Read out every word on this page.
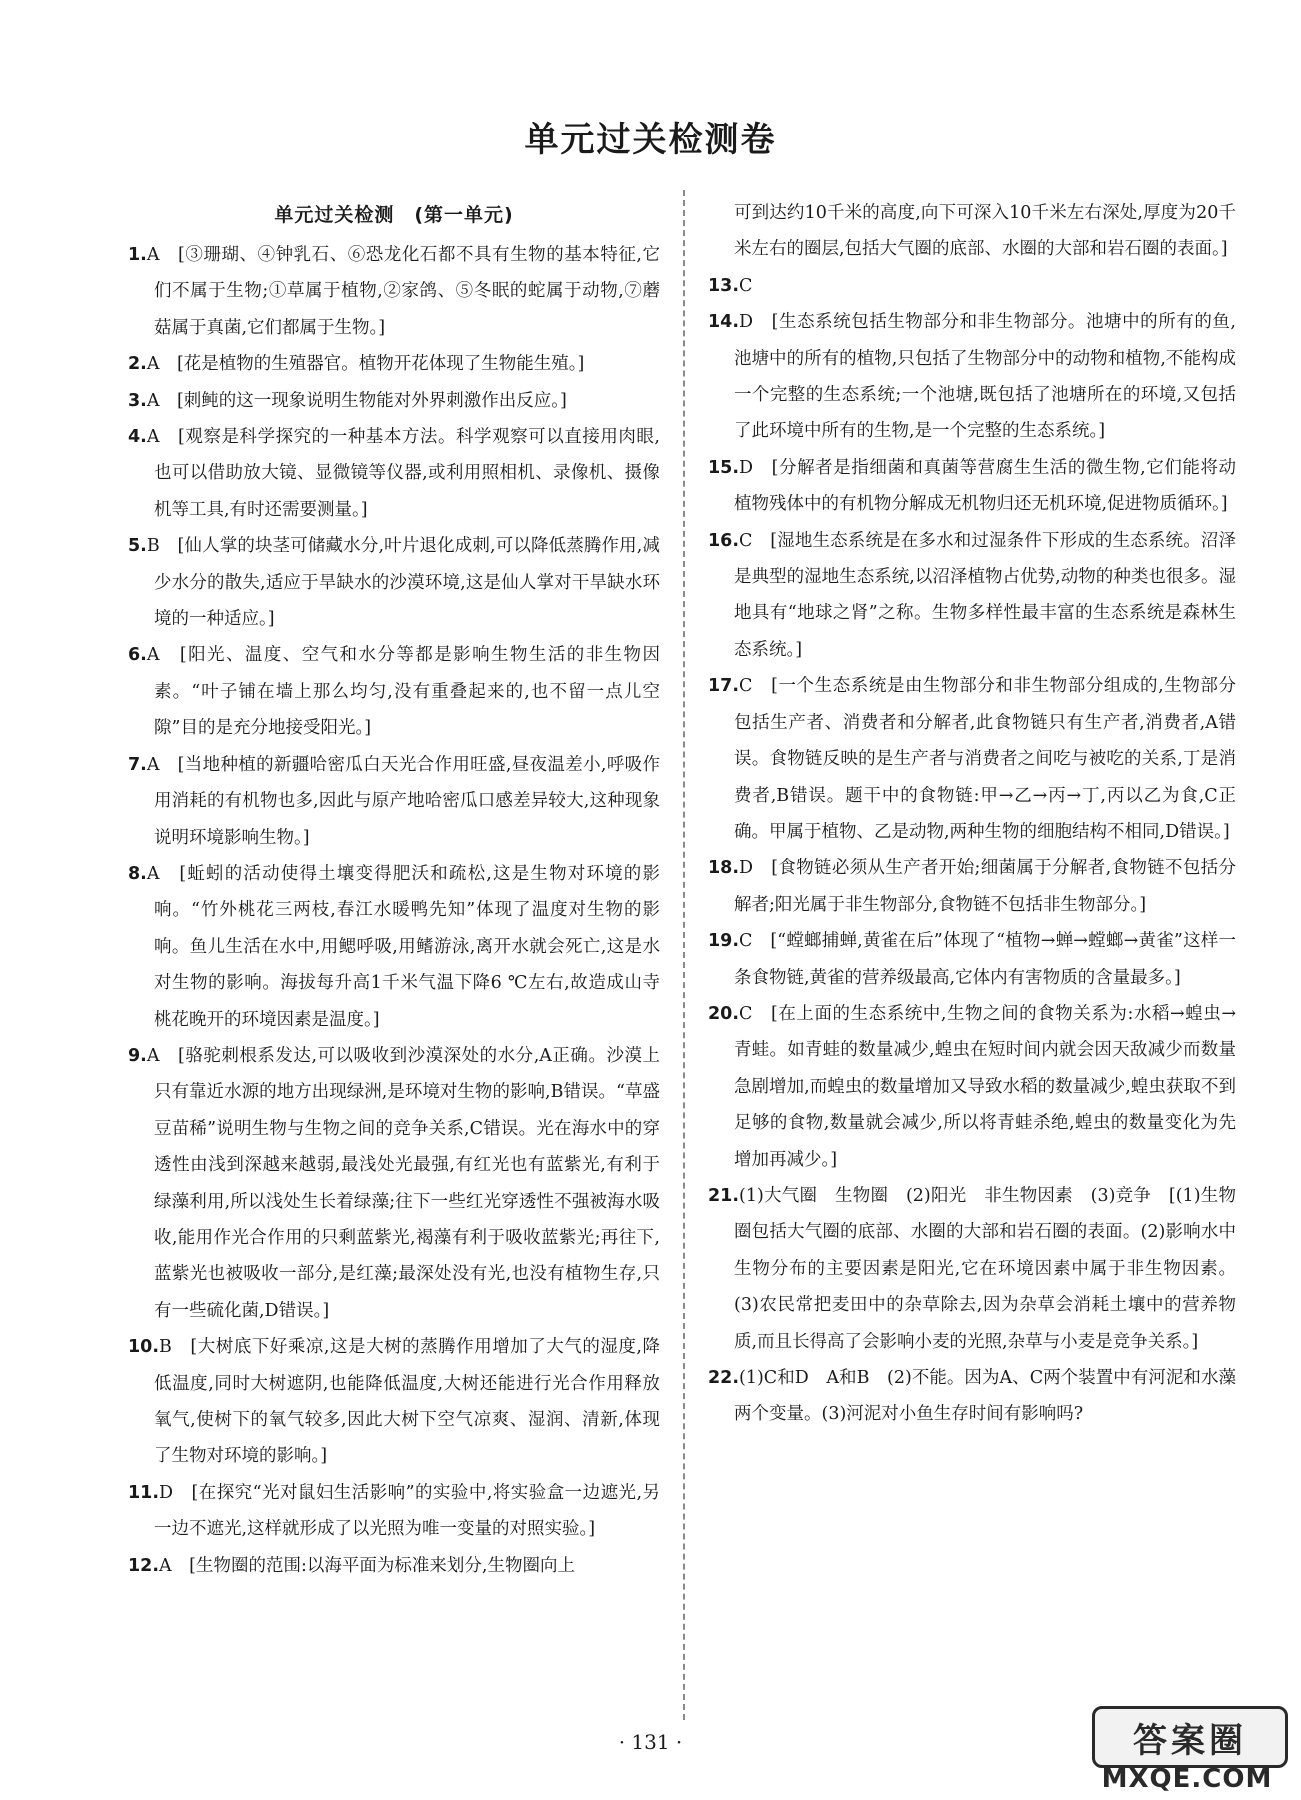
单元过关检测卷
单元过关检测　(第一单元)

1.A　[③珊瑚、④钟乳石、⑥恐龙化石都不具有生物的基本特征,它们不属于生物;①草属于植物,②家鸽、⑤冬眠的蛇属于动物,⑦蘑菇属于真菌,它们都属于生物。]

2.A　[花是植物的生殖器官。植物开花体现了生物能生殖。]

3.A　[刺鲀的这一现象说明生物能对外界刺激作出反应。]

4.A　[观察是科学探究的一种基本方法。科学观察可以直接用肉眼,也可以借助放大镜、显微镜等仪器,或利用照相机、录像机、摄像机等工具,有时还需要测量。]

5.B　[仙人掌的块茎可储藏水分,叶片退化成刺,可以降低蒸腾作用,减少水分的散失,适应于旱缺水的沙漠环境,这是仙人掌对干旱缺水环境的一种适应。]

6.A　[阳光、温度、空气和水分等都是影响生物生活的非生物因素。“叶子铺在墙上那么均匀,没有重叠起来的,也不留一点儿空隙”目的是充分地接受阳光。]

7.A　[当地种植的新疆哈密瓜白天光合作用旺盛,昼夜温差小,呼吸作用消耗的有机物也多,因此与原产地哈密瓜口感差异较大,这种现象说明环境影响生物。]

8.A　[蚯蚓的活动使得土壤变得肥沃和疏松,这是生物对环境的影响。“竹外桃花三两枝,春江水暖鸭先知”体现了温度对生物的影响。鱼儿生活在水中,用鳃呼吸,用鳍游泳,离开水就会死亡,这是水对生物的影响。海拔每升高1千米气温下降6 ℃左右,故造成山寺桃花晚开的环境因素是温度。]

9.A　[骆驼刺根系发达,可以吸收到沙漠深处的水分,A正确。沙漠上只有靠近水源的地方出现绿洲,是环境对生物的影响,B错误。“草盛豆苗稀”说明生物与生物之间的竞争关系,C错误。光在海水中的穿透性由浅到深越来越弱,最浅处光最强,有红光也有蓝紫光,有利于绿藻利用,所以浅处生长着绿藻;往下一些红光穿透性不强被海水吸收,能用作光合作用的只剩蓝紫光,褐藻有利于吸收蓝紫光;再往下,蓝紫光也被吸收一部分,是红藻;最深处没有光,也没有植物生存,只有一些硫化菌,D错误。]

10.B　[大树底下好乘凉,这是大树的蒸腾作用增加了大气的湿度,降低温度,同时大树遮阴,也能降低温度,大树还能进行光合作用释放氧气,使树下的氧气较多,因此大树下空气凉爽、湿润、清新,体现了生物对环境的影响。]

11.D　[在探究“光对鼠妇生活影响”的实验中,将实验盒一边遮光,另一边不遮光,这样就形成了以光照为唯一变量的对照实验。]

12.A　[生物圈的范围:以海平面为标准来划分,生物圈向上

可到达约10千米的高度,向下可深入10千米左右深处,厚度为20千米左右的圈层,包括大气圈的底部、水圈的大部和岩石圈的表面。]

13.C

14.D　[生态系统包括生物部分和非生物部分。池塘中的所有的鱼,池塘中的所有的植物,只包括了生物部分中的动物和植物,不能构成一个完整的生态系统;一个池塘,既包括了池塘所在的环境,又包括了此环境中所有的生物,是一个完整的生态系统。]

15.D　[分解者是指细菌和真菌等营腐生生活的微生物,它们能将动植物残体中的有机物分解成无机物归还无机环境,促进物质循环。]

16.C　[湿地生态系统是在多水和过湿条件下形成的生态系统。沼泽是典型的湿地生态系统,以沼泽植物占优势,动物的种类也很多。湿地具有“地球之肾”之称。生物多样性最丰富的生态系统是森林生态系统。]

17.C　[一个生态系统是由生物部分和非生物部分组成的,生物部分包括生产者、消费者和分解者,此食物链只有生产者,消费者,A错误。食物链反映的是生产者与消费者之间吃与被吃的关系,丁是消费者,B错误。题干中的食物链:甲→乙→丙→丁,丙以乙为食,C正确。甲属于植物、乙是动物,两种生物的细胞结构不相同,D错误。]

18.D　[食物链必须从生产者开始;细菌属于分解者,食物链不包括分解者;阳光属于非生物部分,食物链不包括非生物部分。]

19.C　[“螳螂捕蝉,黄雀在后”体现了“植物→蝉→螳螂→黄雀”这样一条食物链,黄雀的营养级最高,它体内有害物质的含量最多。]

20.C　[在上面的生态系统中,生物之间的食物关系为:水稻→蝗虫→青蛙。如青蛙的数量减少,蝗虫在短时间内就会因天敌减少而数量急剧增加,而蝗虫的数量增加又导致水稻的数量减少,蝗虫获取不到足够的食物,数量就会减少,所以将青蛙杀绝,蝗虫的数量变化为先增加再减少。]

21.(1)大气圈　生物圈　(2)阳光　非生物因素　(3)竞争　[(1)生物圈包括大气圈的底部、水圈的大部和岩石圈的表面。(2)影响水中生物分布的主要因素是阳光,它在环境因素中属于非生物因素。(3)农民常把麦田中的杂草除去,因为杂草会消耗土壤中的营养物质,而且长得高了会影响小麦的光照,杂草与小麦是竞争关系。]

22.(1)C和D　A和B　(2)不能。因为A、C两个装置中有河泥和水藻两个变量。(3)河泥对小鱼生存时间有影响吗?

· 131 ·	答案圈
MXQE.COM
